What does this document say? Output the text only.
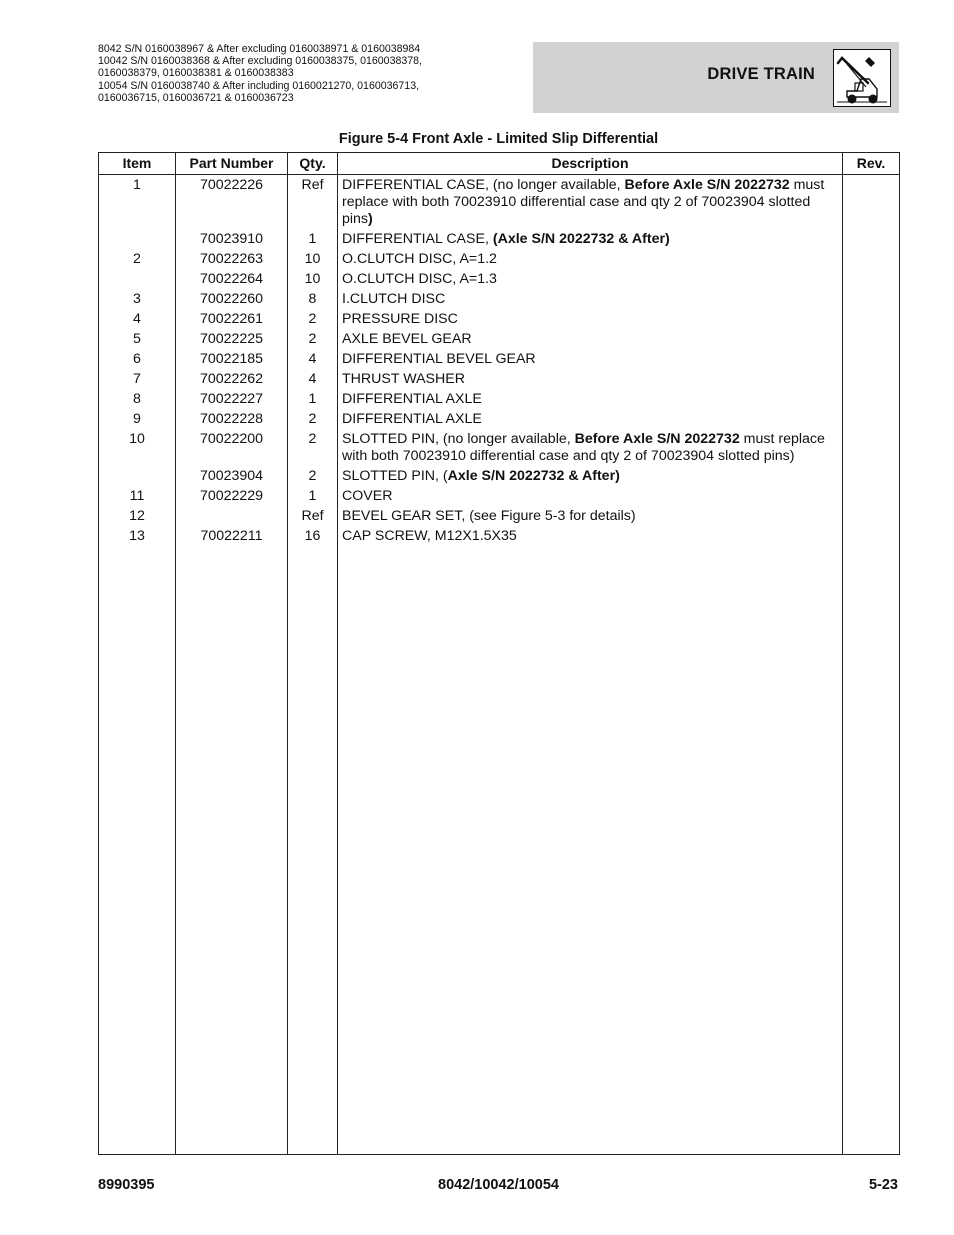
8042 S/N 0160038967 & After excluding 0160038971 & 0160038984
10042 S/N 0160038368 & After excluding 0160038375, 0160038378,
0160038379, 0160038381 & 0160038383
10054 S/N 0160038740 & After including 0160021270, 0160036713,
0160036715, 0160036721 & 0160036723
DRIVE TRAIN
Figure 5-4 Front Axle - Limited Slip Differential
Item	Part Number	Qty.	Description	Rev.
1	70022226	Ref	DIFFERENTIAL CASE, (no longer available, Before Axle S/N 2022732 must replace with both 70023910 differential case and qty 2 of 70023904 slotted pins)	
	70023910	1	DIFFERENTIAL CASE, (Axle S/N 2022732 & After)	
2	70022263	10	O.CLUTCH DISC, A=1.2	
	70022264	10	O.CLUTCH DISC, A=1.3	
3	70022260	8	I.CLUTCH DISC	
4	70022261	2	PRESSURE DISC	
5	70022225	2	AXLE BEVEL GEAR	
6	70022185	4	DIFFERENTIAL BEVEL GEAR	
7	70022262	4	THRUST WASHER	
8	70022227	1	DIFFERENTIAL AXLE	
9	70022228	2	DIFFERENTIAL AXLE	
10	70022200	2	SLOTTED PIN, (no longer available, Before Axle S/N 2022732 must replace with both 70023910 differential case and qty 2 of 70023904 slotted pins)	
	70023904	2	SLOTTED PIN, (Axle S/N 2022732 & After)	
11	70022229	1	COVER	
12		Ref	BEVEL GEAR SET, (see Figure 5-3 for details)	
13	70022211	16	CAP SCREW, M12X1.5X35	

8990395	8042/10042/10054	5-23
